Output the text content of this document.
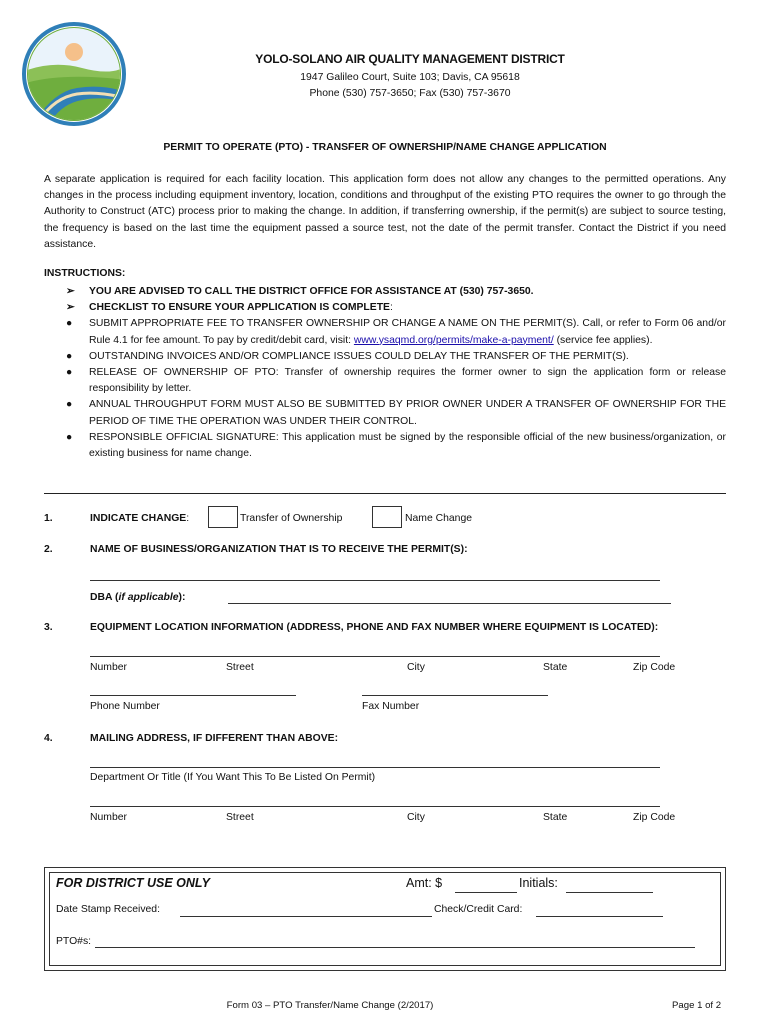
YOLO-SOLANO AIR QUALITY MANAGEMENT DISTRICT
1947 Galileo Court, Suite 103; Davis, CA 95618
Phone (530) 757-3650; Fax (530) 757-3670
PERMIT TO OPERATE (PTO) - TRANSFER OF OWNERSHIP/NAME CHANGE APPLICATION
A separate application is required for each facility location. This application form does not allow any changes to the permitted operations. Any changes in the process including equipment inventory, location, conditions and throughput of the existing PTO requires the owner to go through the Authority to Construct (ATC) process prior to making the change. In addition, if transferring ownership, if the permit(s) are subject to source testing, the frequency is based on the last time the equipment passed a source test, not the date of the permit transfer. Contact the District if you need assistance.
INSTRUCTIONS:
➢	YOU ARE ADVISED TO CALL THE DISTRICT OFFICE FOR ASSISTANCE AT (530) 757-3650.
➢	CHECKLIST TO ENSURE YOUR APPLICATION IS COMPLETE:
●	SUBMIT APPROPRIATE FEE TO TRANSFER OWNERSHIP OR CHANGE A NAME ON THE PERMIT(S). Call, or refer to Form 06 and/or Rule 4.1 for fee amount. To pay by credit/debit card, visit: www.ysaqmd.org/permits/make-a-payment/ (service fee applies).
●	OUTSTANDING INVOICES AND/OR COMPLIANCE ISSUES COULD DELAY THE TRANSFER OF THE PERMIT(S).
●	RELEASE OF OWNERSHIP OF PTO: Transfer of ownership requires the former owner to sign the application form or release responsibility by letter.
●	ANNUAL THROUGHPUT FORM MUST ALSO BE SUBMITTED BY PRIOR OWNER UNDER A TRANSFER OF OWNERSHIP FOR THE PERIOD OF TIME THE OPERATION WAS UNDER THEIR CONTROL.
●	RESPONSIBLE OFFICIAL SIGNATURE: This application must be signed by the responsible official of the new business/organization, or existing business for name change.
1.	INDICATE CHANGE:	Transfer of Ownership	Name Change
2.	NAME OF BUSINESS/ORGANIZATION THAT IS TO RECEIVE THE PERMIT(S):
DBA (if applicable):
3.	EQUIPMENT LOCATION INFORMATION (ADDRESS, PHONE AND FAX NUMBER WHERE EQUIPMENT IS LOCATED):
Number	Street	City	State	Zip Code
Phone Number	Fax Number
4.	MAILING ADDRESS, IF DIFFERENT THAN ABOVE:
Department Or Title (If You Want This To Be Listed On Permit)
Number	Street	City	State	Zip Code
FOR DISTRICT USE ONLY	Amt: $	Initials:
Date Stamp Received:	Check/Credit Card:
PTO#s:
Form 03 – PTO Transfer/Name Change (2/2017)	Page 1 of 2
